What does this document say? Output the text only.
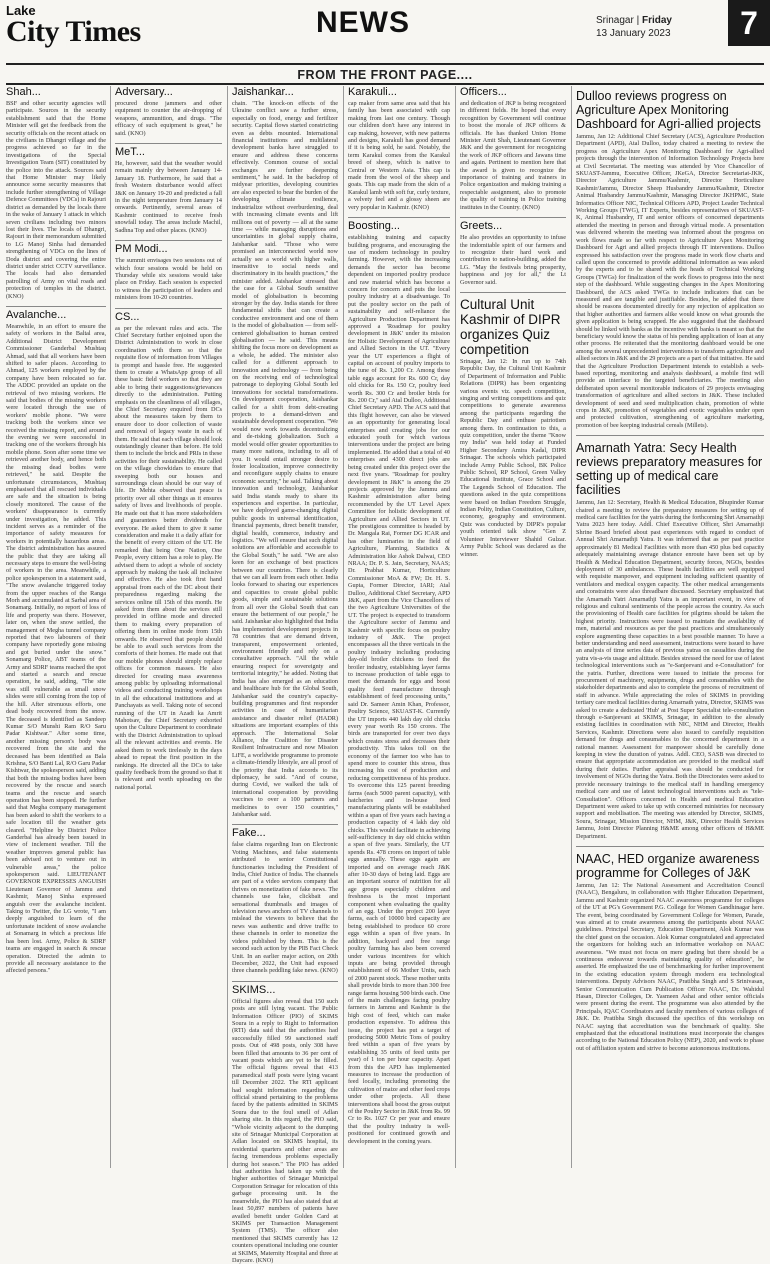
Lake
City Times	NEWS	Srinagar | Friday
13 January 2023	7
FROM THE FRONT PAGE....
Shah...
BSF and other security agencies will participate. Sources in the security establishment said that the Home Minister will get the feedback from the security officials on the recent attack on the civilians in Dhangri village and the progress achieved so far in the investigations of the Special Investigation Team (SIT) constituted by the police into the attack. Sources said that Home Minister may likely announce some security measures that include further strengthening of Village Defence Committees (VDCs) in Rajouri district as demanded by the locals there in the wake of January 1 attack in which seven civilians including two minors lost their lives. The locals of Dhangri, Rajouri in their memorandum submitted to LG Manoj Sinha had demanded strengthening of VDCs on the lines of Doda district and covering the entire district under strict CCTV surveillance. The locals had also demanded patrolling of Army on vital roads and protection of temples in the district. (KNO)
Avalanche...
Meanwhile, in an effort to ensure the safety of workers in the Baltal area, Additional District Development Commissioner Ganderbal Mushtaq Ahmad, said that all workers have been shifted to safer places. According to Ahmad, 125 workers employed by the company have been relocated so far. The ADDC provided an update on the retrieval of two missing workers. He said that bodies of the missing workers were located through the use of workers' mobile phone. "We were tracking both the workers since we received the missing report, and around the evening we were successful in tracking one of the workers through his mobile phone. Soon after some time we retrieved another body, and hence both the missing dead bodies were retrieved," he said. Despite the unfortunate circumstances, Mushtaq emphasised that all rescued individuals are safe and the situation is being closely monitored. The cause of the workers' disappearance is currently under investigation, he added. This incident serves as a reminder of the importance of safety measures for workers in potentially hazardous areas. The district administration has assured the public that they are taking all necessary steps to ensure the well-being of workers in the area. Meanwhile, a police spokesperson in a statement said, "The snow avalanche triggered today from the upper reaches of the Ranga Morh and accumulated at Sarbal area of Sonamarg. Initially, no report of loss of life and property was there. However, later on, when the snow settled, the management of Megha tunnel company reported that two labourers of their company have reportedly gone missing and got buried under the snow." Sonamarg Police, ABT teams of the Army and SDRF teams reached the spot and started a search and rescue operation, he said, adding, "The site was still vulnerable as small snow slides were still coming from the top of the hill. After strenuous efforts, one dead body recovered from the snow. The deceased is identified as Sandeep Kumar S/O Munshi Ram R/O Saru Padar Kishtwar." After some time, another missing person's body was recovered from the site and the deceased has been identified as Bala Krishna, S/O Banti Lal, R/O Garu Padar Kishtwar, the spokesperson said, adding that both the missing bodies have been recovered by the rescue and search teams and the rescue and search operation has been stopped. He further said that Megha company management has been asked to shift the workers to a safe location till the weather gets cleared. "Helpline by District Police Ganderbal has already been issued in view of inclement weather. Till the weather improves general public has been advised not to venture out in vulnerable areas," the police spokesperson said. LIEUTENANT GOVERNOR EXPRESSES ANGUISH Lieutenant Governor of Jammu and Kashmir, Manoj Sinha expressed anguish over the avalanche incident. Taking to Twitter, the LG wrote, "I am deeply anguished to learn of the unfortunate incident of snow avalanche at Sonamarg in which a precious life has been lost. Army, Police & SDRF teams are engaged in search & rescue operation. Directed the admin to provide all necessary assistance to the affected persons."
Adversary...
procured drone jammers and other equipment to counter the air-dropping of weapons, ammunition, and drugs. "The efficacy of such equipment is great," he said. (KNO)
MeT...
He, however, said that the weather would remain mainly dry between January 14-January 18. Furthermore, he said that a fresh Western disturbance would affect J&K on January 19-20 and predicted a fall in the night temperature from January 14 onwards. Pertinently, several areas of Kashmir continued to receive fresh snowfall today. The areas include Machil, Sadhna Top and other places. (KNO)
PM Modi...
The summit envisages two sessions out of which four sessions would be held on Thursday while six sessions would take place on Friday. Each session is expected to witness the participation of leaders and ministers from 10-20 countries.
CS...
as per the relevant rules and acts. The Chief Secretary further enjoined upon the District Administration to work in close coordination with them so that the requisite flow of information from Villages is prompt and hassle free. He suggested them to create a WhatsApp group of all these basic field workers so that they are able to bring their suggestions/grievances directly to the administration. Putting emphasis on the cleanliness of all villages, the Chief Secretary enquired from DCs about the measures taken by them to ensure door to door collection of waste and removal of legacy waste in each of them. He said that each village should look outstandingly cleaner than before. He told them to include the brick and PRIs in these activities for their sustainability. He called on the village chowkidars to ensure that sweeping both our houses and surroundings clean should be our way of life. Dr Mehta observed that peace is priority over all other things as it ensures safety of lives and livelihoods of people. He made out that it has more stakeholders and guarantees better dividends for everyone. He asked them to give it same consideration and make it a daily affair for the benefit of every citizen of the UT. He remarked that being One Nation, One People, every citizen has a role to play. He advised them to adopt a whole of society approach by making the task all inclusive and effective. He also took first hand appraisal from each of the DC about their preparedness regarding making the services online till 15th of this month. He asked from them about the services still provided in offline mode and directed them to making every preparation of offering them in online mode from 15th onwards. He observed that people should be able to avail such services from the comforts of their homes. He made out that our mobile phones should simply replace offices for common masses. He also directed for creating mass awareness among public by uploading informational videos and conducting training workshops in all the educational institutions and at Panchayats as well. Taking note of second running of the UT in Azadi ka Amrit Mahotsav, the Chief Secretary exhorted upon the Culture Department to coordinate with the District Administration to upload all the relevant activities and events. He asked them to work tirelessly in the days ahead to repeat the first position in the rankings. He directed all the DCs to take quality feedback from the ground so that it is relevant and worth uploading on the national portal.
Jaishankar...
chain. "The knock-on effects of the Ukraine conflict saw a further stress, especially on food, energy and fertilizer security. Capital flows started constricting even as debts mounted. International financial institutions and multilateral development banks have struggled to ensure and address these concerns effectively. Common course of social exchanges are further deepening sentiment," he said. In the backdrop of midyear priorities, developing countries are also expected to bear the burden of the developing climate resilience, industrialize without overburdening, deal with increasing climate events and lift millions out of poverty — all at the same time — while managing disruptions and uncertainties in global supply chains, Jaishankar said. "Those who were promised an interconnected world now actually see a world with higher walls, insensitive to social needs and discriminatory in its health practices," the minister added. Jaishankar stressed that the case for a Global South sensitive model of globalisation is becoming stronger by the day. India stands for three fundamental shifts that can create a conductive environment and one of them is the model of globalisation — from self-centered globalisation to human centred globalisation — he said. This means shifting the focus more on development as a whole, he added. The minister also called for a different approach to innovation and technology — from being on the receiving end of technological patronage to deploying Global South led innovations for societal transformations. On development cooperation, Jaishankar called for a shift from debt-creating projects to a demand-driven and sustainable development cooperation. "We would now work towards decentralizing and de-risking globalization. Such a model would offer greater opportunities to many more nations, including to all of you. It would entail stronger desire to foster localization, improve connectivity and reconfigure supply chains to ensure economic security," he said. Talking about innovation and technology, Jaishankar said India stands ready to share its experiences and expertise. In particular, we have deployed game-changing digital public goods in universal identification, financial payments, direct benefit transfer, digital health, commerce, industry and logistics. "We will ensure that such digital solutions are affordable and accessible to the Global South," he said. "We are also keen for an exchange of best practices between our countries. There is clearly that we can all learn from each other. India looks forward to sharing our experiences and capacities to create global public goods, simple and sustainable solutions from all over the Global South that can ensure the betterment of our people," he said. Jaishankar also highlighted that India has implemented development projects in 78 countries that are demand driven, transparent, empowerment oriented, environment friendly and rely on a consultative approach. "All the while ensuring respect for sovereignty and territorial integrity," he added. Noting that India has also emerged as an education and healthcare hub for the Global South, Jaishankar said the country's capacity-building programmes and first responder activities in case of humanitarian assistance and disaster relief (HADR) situations are important examples of this approach. The International Solar Alliance, the Coalition for Disaster Resilient Infrastructure and now Mission LiFE, a worldwide programme to promote a climate-friendly lifestyle, are all proof of the priority that India accords to its diplomacy, he said. "And of course, during Covid, we walked the talk of international cooperation by providing vaccines to over a 100 partners and medicines to over 150 countries," Jaishankar said.
Fake...
false claims regarding Iran on Electronic Voting Machines, and false statements attributed to senior Constitutional functionaries including the President of India, Chief Justice of India. The channels are part of a video services company that thrives on monetization of fake news. The channels use fake, clickbait and sensational thumbnails and images of television news anchors of TV channels to mislead the viewers to believe that the news was authentic and drive traffic to these channels in order to monetize the videos published by them. This is the second such action by the PIB Fact Check Unit. In an earlier major action, on 20th December, 2022, the Unit had exposed three channels peddling fake news. (KNO)
SKIMS...
Official figures also reveal that 150 such posts are still lying vacant. The Public Information Officer (PIO) of SKIMS Soura in a reply to Right to Information (RTI) data said that the authorities had successfully filled 99 sanctioned staff posts. Out of 498 posts, only 308 have been filled that amounts to 36 per cent of vacant posts which are yet to be filled. The official figures reveal that 413 paramedical staff posts were lying vacant till December 2022. The RTI applicant had sought information regarding the official strand pertaining to the problems faced by the patients admitted in SKIMS Soura due to the foul smell of Adlan sharing site. In this regard, the PIO said, "Whole vicinity adjacent to the dumping site of Srinagar Municipal Corporation at Adlan located on SKIMS hospital, its residential quarters and other areas are facing tremendous problems especially during hot season." The PIO has added that authorities had taken up with the higher authorities of Srinagar Municipal Corporation Srinagar for relocation of this garbage processing unit. In the meanwhile, the PIO has also stated that at least 50,897 numbers of patients have availed benefit under Golden Card at SKIMS per Transaction Management System (TMS). The officer also mentioned that SKIMS currently has 12 counters operational including one counter at SKIMS, Maternity Hospital and three at Daycare. (KNO)
Karakuli...
cap maker from same area said that his family has been associated with cap making from last one century. Though our children don't have any interest in cap making, however, with new patterns and designs, Karakuli has good demand if it is being sold, he said. Notably, the term Karakul comes from the Karakul breed of sheep, which is native to Central or Western Asia. This cap is made from the wool of the sheep and goats. This cap made from the skin of a Karakul lamb with soft fur, curly texture, a velvety feel and a glossy sheen are very popular in Kashmir. (KNO)
Boosting...
establishing training and capacity building programs, and encouraging the use of modern technology in poultry farming. However, with the increasing demands the sector has become dependent on imported poultry produce and raw material which has become a concern for concern and puts the local poultry industry at a disadvantage. To put the poultry sector on the path of sustainability and self-reliance the Agriculture Production Department has approved a 'Roadmap for poultry development in J&K' under its mission for Holistic Development of Agriculture and Allied Sectors in the UT. "Every year the UT experiences a flight of capital on account of poultry imports to the tune of Rs. 1,200 Cr. Among these table eggs account for Rs. 600 Cr, day old chicks for Rs. 150 Cr, poultry feed worth Rs. 300 Cr and broiler birds for Rs. 200 Cr," said Atal Dulloo, Additional Chief Secretary APD. The ACS said that this flight however, can also be viewed as an opportunity for generating local enterprises and creating jobs for our educated youth for which various interventions under the project are being implemented. He added that a total of 40 enterprises and 4300 direct jobs are being created under this project over the next five years. "Roadmap for poultry development in J&K" is among the 29 projects approved by the Jammu and Kashmir administration after being recommended by the UT Level Apex Committee for holistic development of Agriculture and Allied Sectors in UT. The prestigious committee is headed by Dr. Mangala Rai, Former DG ICAR and has other luminaries in the field of Agriculture, Planning, Statistics & Administration like Ashok Dalwai, CEO NRAA; Dr. P. S. Jain, Secretary, NAAS; Dr. Prabhat Kumar, Horticulture Commissioner MoA & FW; Dr. H. S. Gupta, Former Director, IARI; Atal Dulloo, Additional Chief Secretary, APD J&K, apart from the Vice Chancellors of the two Agriculture Universities of the UT. The project is expected to transform the Agriculture sector of Jammu and Kashmir with specific focus on poultry industry of J&K. The project encompasses all the three verticals in the poultry industry including producing day-old broiler chickens to feed the broiler industry, establishing layer farms to increase production of table eggs to meet the demands for eggs and boost quality feed manufacture through establishment of feed processing units," said Dr. Sameer Amin Khan, Professor, Poultry Science, SKUAST-K. Currently the UT imports 440 lakh day old chicks every year worth Rs 150 crores. The birds are transported for over two days which creates stress and decreases their productivity. This takes toll on the economy of the farmer too who has to spend more to counter this stress, thus increasing his cost of production and reducing competitiveness of his produce. To overcome this 125 parent breeding farms (each 5000 parent capacity), with hatcheries and in-house feed manufacturing plants will be established within a span of five years each having a production capacity of 4 lakh day old chicks. This would facilitate in achieving self-sufficiency in day old chicks within a span of five years. Similarly, the UT spends Rs. 478 crores on import of table eggs annually. These eggs again are imported and on average reach J&K after 10-30 days of being laid. Eggs are an important source of nutrition for all age groups especially children and freshness is the most important component when evaluating the quality of an egg. Under the project 200 layer farms, each of 10000 bird capacity are being established to produce 60 crore eggs within a span of five years. In addition, backyard and free range poultry farming has also been covered under various incentives for which inputs are being provided through establishment of 66 Mother Units, each of 2000 parent stock. These mother units shall provide birds to more than 300 free range farms housing 500 birds each. One of the main challenges facing poultry farmers in Jammu and Kashmir is the high cost of feed, which can make production expensive. To address this issue, the project has put a target of producing 5000 Metric Tons of poultry feed within a span of five years by establishing 35 units of feed units per year) of 1 ton per hour capacity. Apart from this the APD has implemented measures to increase the production of feed locally, including promoting the cultivation of maize and other feed crops under other projects. All these interventions shall boost the gross output of the Poultry Sector in J&K from Rs. 99 Cr to Rs. 1027 Cr per year and ensure that the poultry industry is well-positioned for continued growth and development in the coming years.
Officers...
and dedication of JKP is being recognized in different fields. He hoped that every recognition by Government will continue to boost the morale of JKP officers & officials. He has thanked Union Home Minister Amit Shah, Lieutenant Governor J&K and the government for recognizing the work of JKP officers and Jawans time and again. Pertinent to mention here that the award is given to recognize the importance of training and trainers in Police organization and making training a respectable assignment, also to promote the quality of training in Police training institutes in the Country. (KNO)
Greets...
He also provides an opportunity to infuse the indomitable spirit of our farmers and to recognize their hard work and contribution to nation-building, added the LG. "May the festivals bring prosperity, happiness and joy for all," the Lt Governor said.
Cultural Unit Kashmir of DIPR organizes Quiz competition
Srinagar, Jan 12: In run up to 74th Republic Day, the Cultural Unit Kashmir of Department of Information and Public Relations (DIPR) has been organizing various events viz. speech competition, singing and writing competitions and quiz competitions to generate awareness among the participants regarding the Republic Day and enthuse patriotism among them. In continuation to this, a quiz competition, under the theme "Know my India" was held today at Funded Higher Secondary Amira Kadal, DIPR Srinagar. The schools which participated include Army Public School, BK Police Public School, RP School, Green Valley Educational Institute, Grace School and The Legends School of Education. The questions asked in the quiz competitions were based on Indian Freedom Struggle, Indian Polity, Indian Constitution, Culture, economy, geography and environment. Quiz was conducted by DIPR's popular youth oriented talk show "Gen Z Volunteer Interviewer Shahid Gulzar. Army Public School was declared as the winner.
Dulloo reviews progress on Agriculture Apex Monitoring Dashboard for Agri-allied projects
Jammu, Jan 12: Additional Chief Secretary (ACS), Agriculture Production Department (APD), Atal Dulloo, today chaired a meeting to review the progress on Agriculture Apex Monitoring Dashboard for Agri-allied projects through the intervention of Information Technology Projects here at Civil Secretariat. The meeting was attended by Vice Chancellor of SKUAST-Jammu, Executive Officer, JKeGA, Director Secretariat-JKK, Director Agriculture Jammu/Kashmir, Director Horticulture Kashmir/Jammu, Director Sheep Husbandry Jammu/Kashmir, Director Animal Husbandry Jammu/Kashmir, Managing Director JKHPMC, State Informatics Officer NIC, Technical Officers APD, Project Leader Technical Working Groups (TWG), IT Experts, besides representatives of SKUAST-K, Animal Husbandry, IT and senior officers of concerned departments attended the meeting in person and through virtual mode. A presentation was delivered wherein the meeting was informed about the progress on work flows made so far with respect to Agriculture Apex Monitoring Dashboard for Agri and allied projects through IT interventions. Dulloo expressed his satisfaction over the progress made in work flow charts and called upon the concerned to provide additional information as was asked by the experts and to be shared with the heads of Technical Working Groups (TWGs) for finalization of the work flows to progress into the next step of the dashboard. While suggesting changes in the Apex Monitoring Dashboard, the ACS asked TWGs to include indicators that can be measured and are tangible and justifiable. Besides, he added that there should be reasons documented directly for any rejection of application so that higher authorities and farmers alike would know on what grounds the given application is being scrapped. He also suggested that the dashboard should be linked with banks as the incentive with banks is meant so that the beneficiary would know the status of his pending application of loan at any other process. He reiterated that the monitoring dashboard would be one among the several unprecedented interventions to transform agriculture and allied sectors in J&K and the 29 projects are a part of that initiative. He said that the Agriculture Production Department intends to establish a web-based reporting, monitoring and analysis dashboard, a mobile first will provide an interface to the targeted beneficiaries. The meeting also deliberated upon several monitorable indicators of 29 projects envisaging transformation of agriculture and allied sectors in J&K. These included development of seed and seed multiplication chain, promotion of white crops in J&K, promotion of vegetables and exotic vegetables under open and protected cultivation, strengthening of agriculture marketing, promotion of bee keeping industrial cereals (Millets).
Amarnath Yatra: Secy Health reviews preparatory measures for setting up of medical care facilities
Jammu, Jan 12: Secretary, Health & Medical Education, Bhupinder Kumar chaired a meeting to review the preparatory measures for setting up of medical care facilities for the yatris during the forthcoming Shri Amarnathji Yatra 2023 here today. Addl. Chief Executive Officer, Shri Amarnathji Shrine Board briefed about past experiences with regard to conduct of Annual Shri Amarnathji Yatra. It was informed that as per past practice approximately 81 Medical Facilities with more than 450 plus bed capacity adequately maintaining average distance enroute have been set up by Health & Medical Education Department, security forces, NGOs, besides deployment of 30 ambulances. These health facilities are well equipped with requisite manpower, and equipment including sufficient quantity of ventilators and medical oxygen capacity. The other medical arrangements and constraints were also threadbare discussed. Secretary emphasized that the Amarnath Yatri Amarnathji Yatra is an important event, in view of religious and cultural sentiments of the people across the country. As such the provisioning of Health care facilities for pilgrims should be taken the highest priority. Instructions were issued to maintain the availability of men, material and resources as per the past practices and simultaneously explore augmenting these capacities in a best possible manner. To have a better understanding and need assessment, instructions were issued to have an analysis of time series data of previous yatras on casualties during the yatra vis-a-vis usage and altitude. Besides stressed the need for use of latest technological interventions such as "e-Sanjeevani and e-Consultation" for the yatris. Further, directions were issued to initiate the process for procurement of machinery, equipments, drugs and consumables with the stakeholder departments and also to complete the process of recruitment of staff in advance. While appreciating the roles of SKIMS in providing tertiary care medical facilities during Amarnath yatra, Director, SKIMS was asked to create a dedicated 'Hub' at Post Super Specialist tele-consultation through e-Sanjeevani at SKIMS, Srinagar, in addition to the already existing facilities in coordination with NIC, NHM and Director, Health Services, Kashmir. Directions were also issued to carefully requisition demand for drugs and consumables to the concerned department in a rational manner. Assessment for manpower should be carefully done keeping in view the duration of yatras. Addl. CEO, SASB was directed to ensure that appropriate accommodation are provided to the medical staff during their duties. Further appraisal was should be conducted for involvement of NGOs during the Yatra. Both the Directorates were asked to provide necessary trainings to the medical staff in handling emergency medical care and use of latest technological interventions such as "tele-Consultation". Officers concerned in Health and medical Education Department were asked to take up with concerned ministries for necessary support and mobilisation. The meeting was attended by Director, SKIMS, Soura, Srinagar, Mission Director, NHM, J&K, Director Health Services Jammu, Joint Director Planning H&ME among other officers of H&ME Department.
NAAC, HED organize awareness programme for Colleges of J&K
Jammu, Jan 12: The National Assessment and Accreditation Council (NAAC), Bengaluru, in collaboration with Higher Education Department, Jammu and Kashmir organized NAAC awareness programme for colleges of the UT at PG's Government P.G. College for Women Gandhinagar here. The event, being coordinated by Government College for Women, Parade, was aimed at to create awareness among the participants about NAAC guidelines. Principal Secretary, Education Department, Alok Kumar was the chief guest on the occasion. Alok Kumar congratulated and appreciated the organizers for holding such an informative workshop on NAAC awareness. "We must not focus on mere grading but there should be a continuous endeavour towards maintaining quality of education", he asserted. He emphasized the use of benchmarking for further improvement in the existing education system through modern era technological interventions. Deputy Advisors NAAC, Pratibha Singh and S Srinivasan, Senior Communication Cum Publication Officer NAAC, Dr. Wahidul Hasan, Director Colleges, Dr. Yasmeen Ashai and other senior officials were present during the event. The programme was also attended by the Principals, IQAC Coordinators and faculty members of various colleges of J&K. Dr. Pratibha Singh discussed the specifics of this workshop on NAAC saying that accreditation was the benchmark of quality. She emphasized that the educational institutions must incorporate the changes according to the National Education Policy (NEP), 2020, and work to phase out of affiliation system and strive to become autonomous institutions.
